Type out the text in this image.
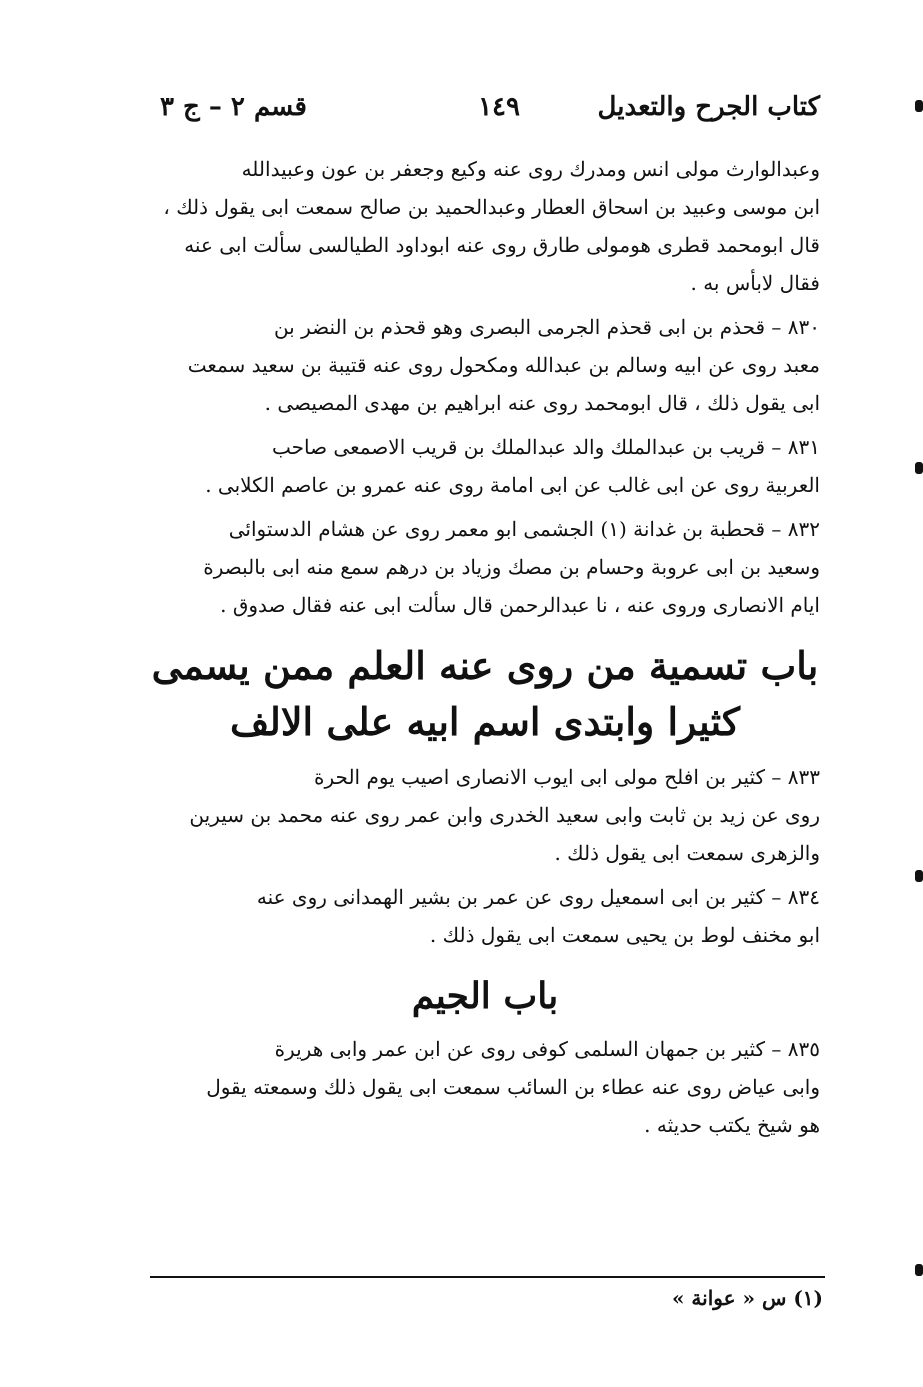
كتاب الجرح والتعديل
١٤٩
قسم ٢ – ج ٣
وعبدالوارث مولى انس ومدرك روى عنه وكيع وجعفر بن عون وعبيدالله
ابن موسى وعبيد بن اسحاق العطار وعبدالحميد بن صالح سمعت ابى يقول ذلك ،
قال ابومحمد قطرى هومولى طارق روى عنه ابوداود الطيالسى سألت ابى عنه
فقال لابأس به .
٨٣٠ – قحذم بن ابى قحذم الجرمى البصرى وهو قحذم بن النضر بن
معبد روى عن ابيه وسالم بن عبدالله ومكحول روى عنه قتيبة بن سعيد سمعت
ابى يقول ذلك ، قال ابومحمد روى عنه ابراهيم بن مهدى المصيصى .
٨٣١ – قريب بن عبدالملك والد عبدالملك بن قريب الاصمعى صاحب
العربية روى عن ابى غالب عن ابى امامة روى عنه عمرو بن عاصم الكلابى .
٨٣٢ – قحطبة بن غدانة (١) الجشمى ابو معمر روى عن هشام الدستوائى
وسعيد بن ابى عروبة وحسام بن مصك وزياد بن درهم سمع منه ابى بالبصرة
ايام الانصارى وروى عنه ، نا عبدالرحمن قال سألت ابى عنه فقال صدوق .
باب تسمية من روى عنه العلم ممن يسمى
كثيرا وابتدى اسم ابيه على الالف
٨٣٣ – كثير بن افلح مولى ابى ايوب الانصارى اصيب يوم الحرة
روى عن زيد بن ثابت وابى سعيد الخدرى وابن عمر روى عنه محمد بن سيرين
والزهرى سمعت ابى يقول ذلك .
٨٣٤ – كثير بن ابى اسمعيل روى عن عمر بن بشير الهمدانى روى عنه
ابو مخنف لوط بن يحيى سمعت ابى يقول ذلك .
باب الجيم
٨٣٥ – كثير بن جمهان السلمى كوفى روى عن ابن عمر وابى هريرة
وابى عياض روى عنه عطاء بن السائب سمعت ابى يقول ذلك وسمعته يقول
هو شيخ يكتب حديثه .
(١) س « عوانة »
